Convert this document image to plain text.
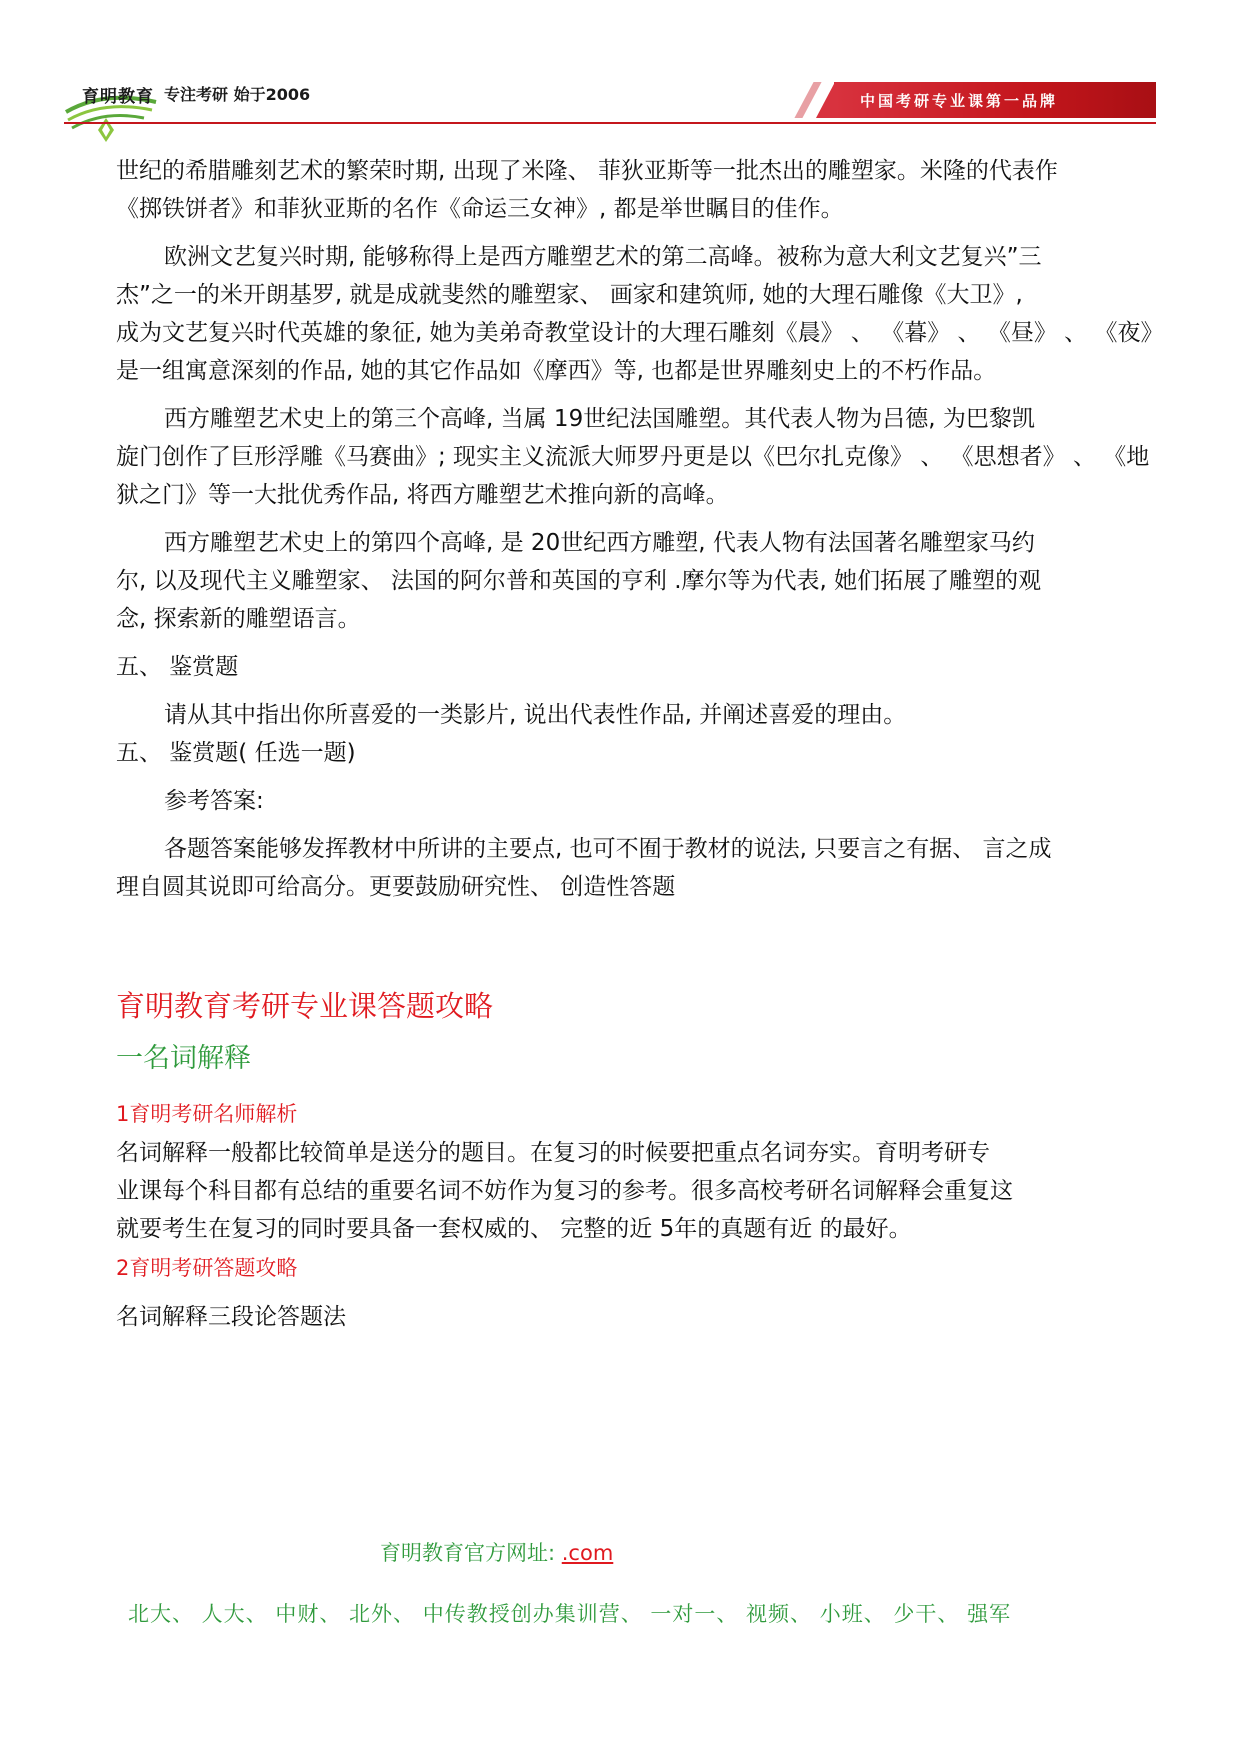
育明教育 专注考研 始于2006	中国考研专业课第一品牌

世纪的希腊雕刻艺术的繁荣时期, 出现了米隆、 菲狄亚斯等一批杰出的雕塑家。米隆的代表作

《掷铁饼者》和菲狄亚斯的名作《命运三女神》, 都是举世瞩目的佳作。

欧洲文艺复兴时期, 能够称得上是西方雕塑艺术的第二高峰。被称为意大利文艺复兴”三

杰”之一的米开朗基罗, 就是成就斐然的雕塑家、 画家和建筑师, 她的大理石雕像《大卫》,

成为文艺复兴时代英雄的象征, 她为美弟奇教堂设计的大理石雕刻《晨》 、 《暮》 、 《昼》 、 《夜》

是一组寓意深刻的作品, 她的其它作品如《摩西》等, 也都是世界雕刻史上的不朽作品。

西方雕塑艺术史上的第三个高峰, 当属 19世纪法国雕塑。其代表人物为吕德, 为巴黎凯

旋门创作了巨形浮雕《马赛曲》; 现实主义流派大师罗丹更是以《巴尔扎克像》 、 《思想者》 、 《地

狱之门》等一大批优秀作品, 将西方雕塑艺术推向新的高峰。

西方雕塑艺术史上的第四个高峰, 是 20世纪西方雕塑, 代表人物有法国著名雕塑家马约

尔, 以及现代主义雕塑家、 法国的阿尔普和英国的亨利 .摩尔等为代表, 她们拓展了雕塑的观

念, 探索新的雕塑语言。

五、 鉴赏题

请从其中指出你所喜爱的一类影片, 说出代表性作品, 并阐述喜爱的理由。

五、 鉴赏题( 任选一题)

参考答案:

各题答案能够发挥教材中所讲的主要点, 也可不囿于教材的说法, 只要言之有据、 言之成

理自圆其说即可给高分。更要鼓励研究性、 创造性答题

育明教育考研专业课答题攻略

一名词解释

1育明考研名师解析

名词解释一般都比较简单是送分的题目。在复习的时候要把重点名词夯实。育明考研专

业课每个科目都有总结的重要名词不妨作为复习的参考。很多高校考研名词解释会重复这

就要考生在复习的同时要具备一套权威的、 完整的近 5年的真题有近 的最好。

2育明考研答题攻略

名词解释三段论答题法

育明教育官方网址: .com
北大、 人大、 中财、 北外、 中传教授创办集训营、 一对一、 视频、 小班、 少干、 强军
